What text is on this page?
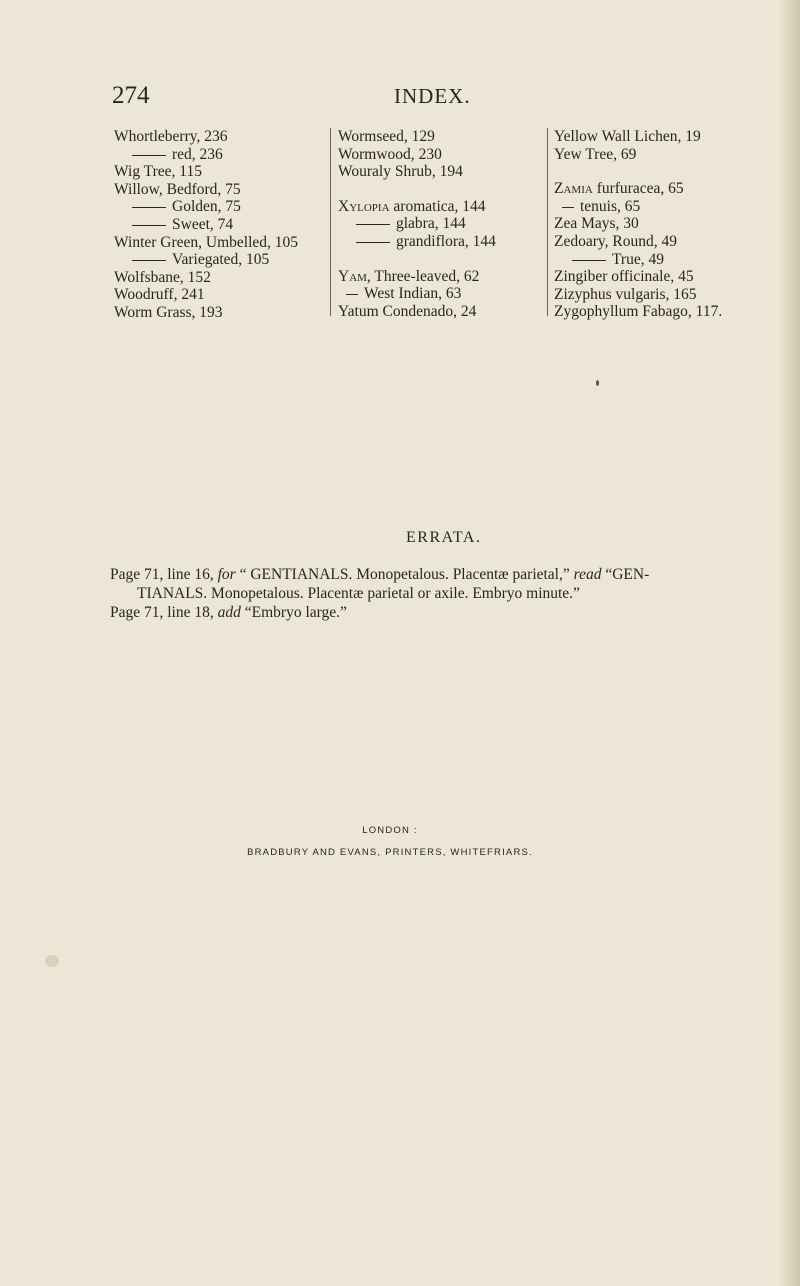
274	INDEX.
Whortleberry, 236
red, 236
Wig Tree, 115
Willow, Bedford, 75
Golden, 75
Sweet, 74
Winter Green, Umbelled, 105
Variegated, 105
Wolfsbane, 152
Woodruff, 241
Worm Grass, 193
Wormseed, 129
Wormwood, 230
Wouraly Shrub, 194
Xylopia aromatica, 144
glabra, 144
grandiflora, 144
Yam, Three-leaved, 62
West Indian, 63
Yatum Condenado, 24
Yellow Wall Lichen, 19
Yew Tree, 69
Zamia furfuracea, 65
tenuis, 65
Zea Mays, 30
Zedoary, Round, 49
True, 49
Zingiber officinale, 45
Zizyphus vulgaris, 165
Zygophyllum Fabago, 117.
ERRATA.
Page 71, line 16, for “ GENTIANALS. Monopetalous. Placentæ parietal,” read “GEN-
TIANALS. Monopetalous. Placentæ parietal or axile. Embryo minute.”
Page 71, line 18, add “Embryo large.”
LONDON :
BRADBURY AND EVANS, PRINTERS, WHITEFRIARS.
